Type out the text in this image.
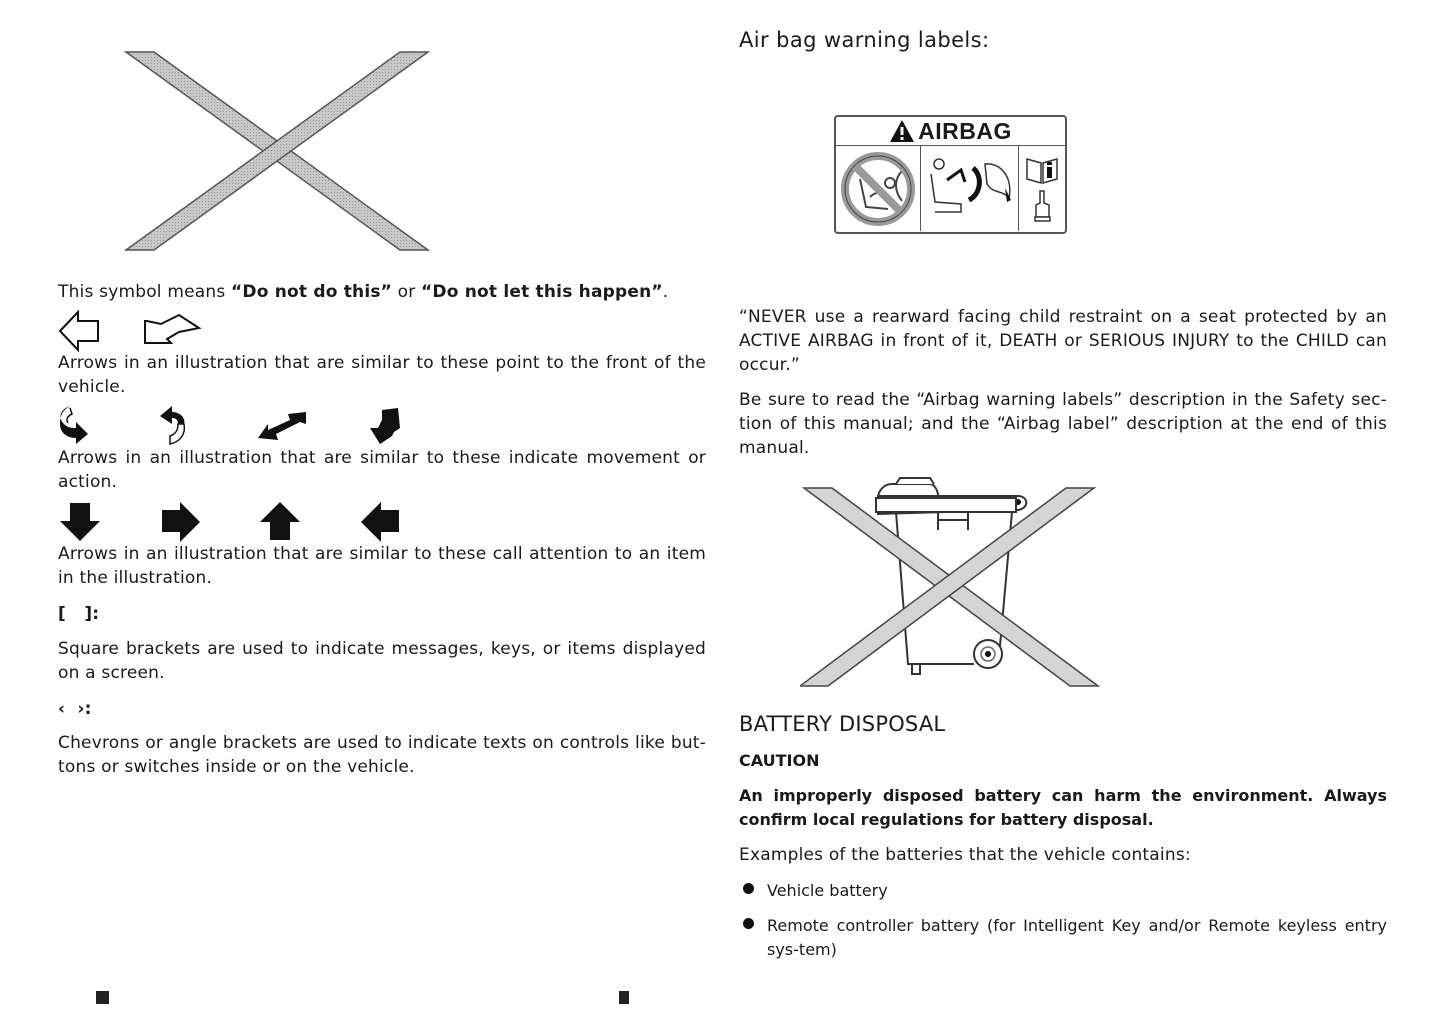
This symbol means “Do not do this” or “Do not let this happen”.

Arrows in an illustration that are similar to these point to the front of the vehicle.

Arrows in an illustration that are similar to these indicate movement or action.

Arrows in an illustration that are similar to these call attention to an item in the illustration.

[   ]:

Square brackets are used to indicate messages, keys, or items displayed on a screen.

‹  ›:

Chevrons or angle brackets are used to indicate texts on controls like but-tons or switches inside or on the vehicle.

Air bag warning labels:
AIRBAG

“NEVER use a rearward facing child restraint on a seat protected by an ACTIVE AIRBAG in front of it, DEATH or SERIOUS INJURY to the CHILD can occur.”

Be sure to read the “Airbag warning labels” description in the Safety sec-tion of this manual; and the “Airbag label” description at the end of this manual.

BATTERY DISPOSAL

CAUTION

An improperly disposed battery can harm the environment. Always confirm local regulations for battery disposal.

Examples of the batteries that the vehicle contains:

Vehicle battery

Remote controller battery (for Intelligent Key and/or Remote keyless entry sys-tem)
